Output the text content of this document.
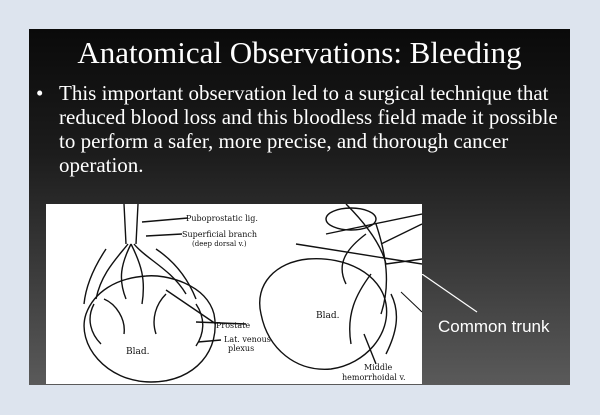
Anatomical Observations: Bleeding
• This important observation led to a surgical technique that reduced blood loss and this bloodless field made it possible to perform a safer, more precise, and thorough cancer operation.
Puboprostatic lig.
Superficial branch
(deep dorsal v.)
Blad.
Prostate
Lat. venous
plexus
Blad.
Middle
hemorrhoidal v.
Common trunk
